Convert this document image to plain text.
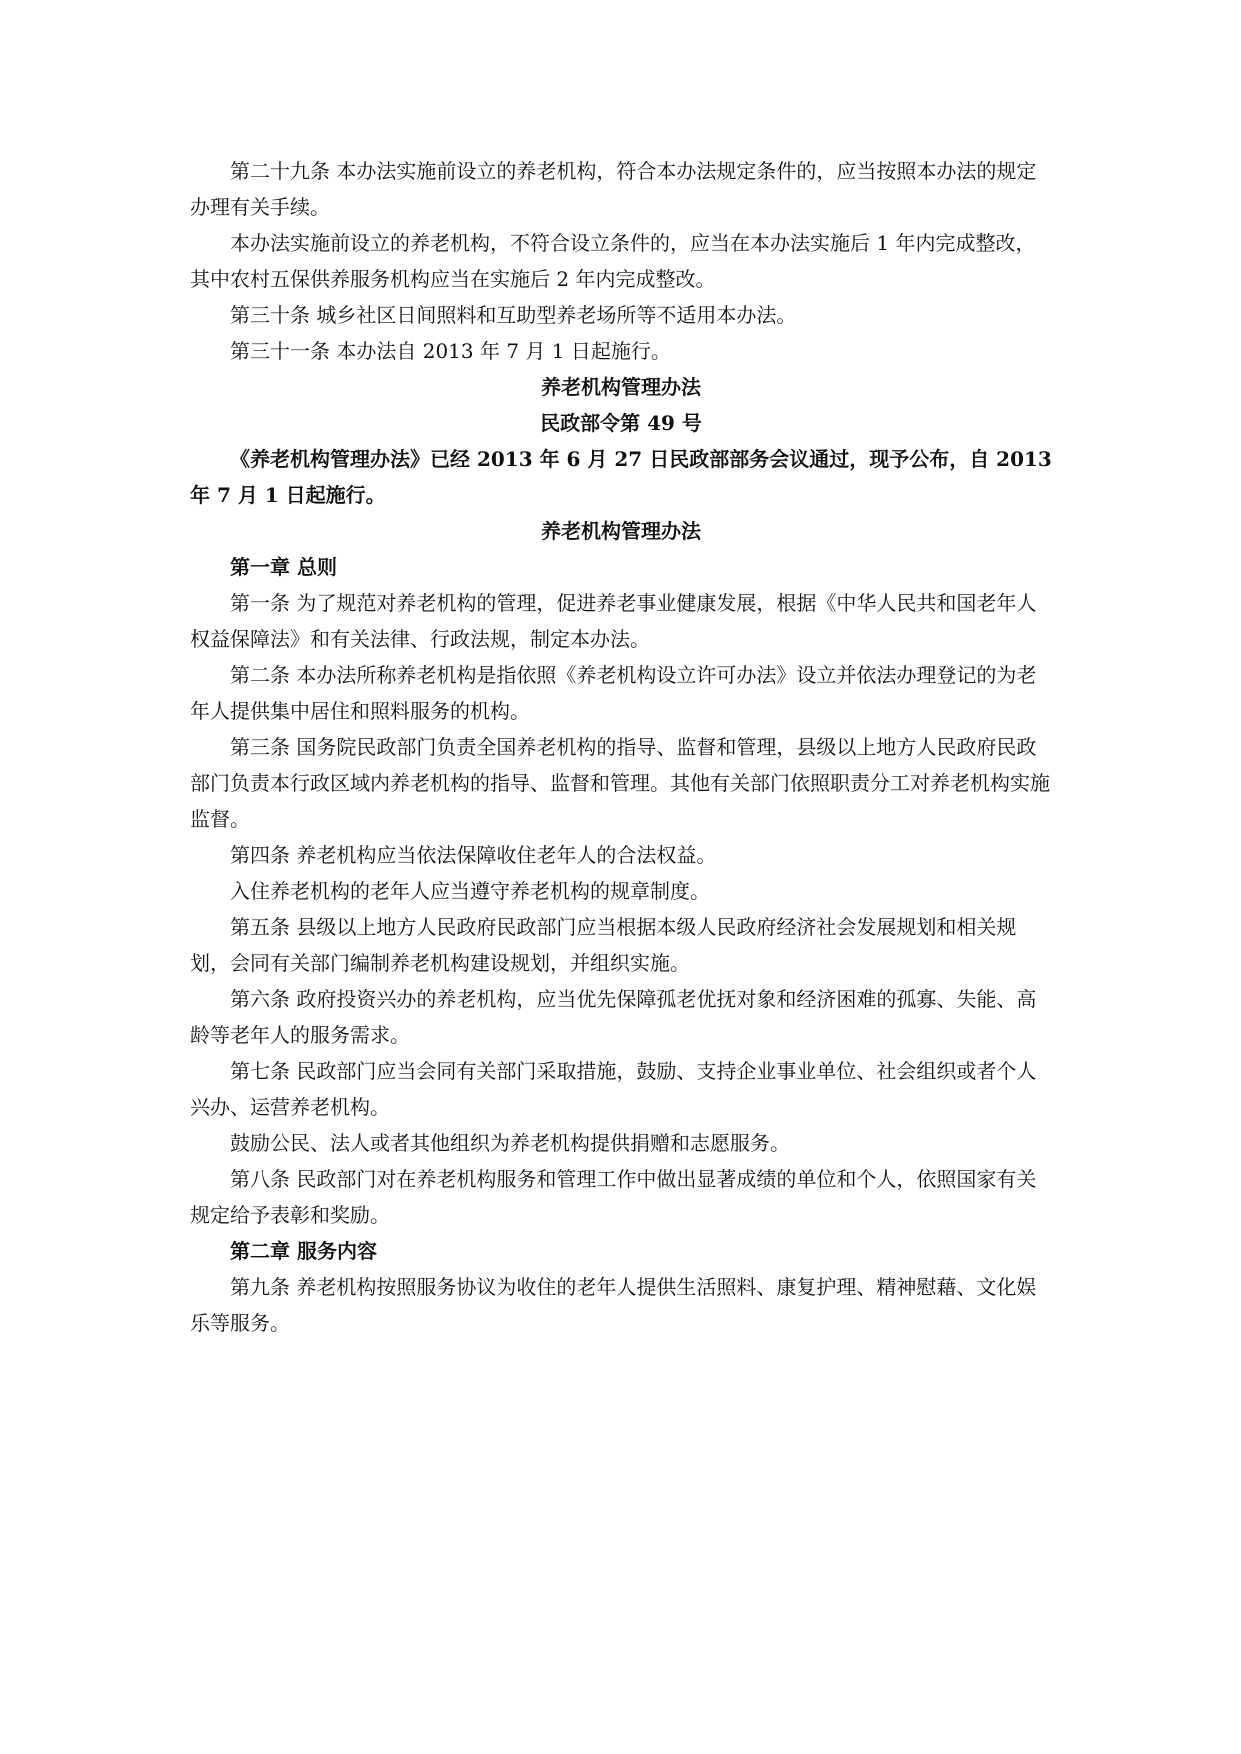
第二十九条 本办法实施前设立的养老机构，符合本办法规定条件的，应当按照本办法的规定办理有关手续。

本办法实施前设立的养老机构，不符合设立条件的，应当在本办法实施后 1 年内完成整改，其中农村五保供养服务机构应当在实施后 2 年内完成整改。

第三十条 城乡社区日间照料和互助型养老场所等不适用本办法。

第三十一条 本办法自 2013 年 7 月 1 日起施行。

养老机构管理办法

民政部令第 49 号

《养老机构管理办法》已经 2013 年 6 月 27 日民政部部务会议通过，现予公布，自 2013 年 7 月 1 日起施行。

养老机构管理办法

第一章 总则

第一条 为了规范对养老机构的管理，促进养老事业健康发展，根据《中华人民共和国老年人权益保障法》和有关法律、行政法规，制定本办法。

第二条 本办法所称养老机构是指依照《养老机构设立许可办法》设立并依法办理登记的为老年人提供集中居住和照料服务的机构。

第三条 国务院民政部门负责全国养老机构的指导、监督和管理，县级以上地方人民政府民政部门负责本行政区域内养老机构的指导、监督和管理。其他有关部门依照职责分工对养老机构实施监督。

第四条 养老机构应当依法保障收住老年人的合法权益。

入住养老机构的老年人应当遵守养老机构的规章制度。

第五条 县级以上地方人民政府民政部门应当根据本级人民政府经济社会发展规划和相关规划，会同有关部门编制养老机构建设规划，并组织实施。

第六条 政府投资兴办的养老机构，应当优先保障孤老优抚对象和经济困难的孤寡、失能、高龄等老年人的服务需求。

第七条 民政部门应当会同有关部门采取措施，鼓励、支持企业事业单位、社会组织或者个人兴办、运营养老机构。

鼓励公民、法人或者其他组织为养老机构提供捐赠和志愿服务。

第八条 民政部门对在养老机构服务和管理工作中做出显著成绩的单位和个人，依照国家有关规定给予表彰和奖励。

第二章 服务内容

第九条 养老机构按照服务协议为收住的老年人提供生活照料、康复护理、精神慰藉、文化娱乐等服务。
